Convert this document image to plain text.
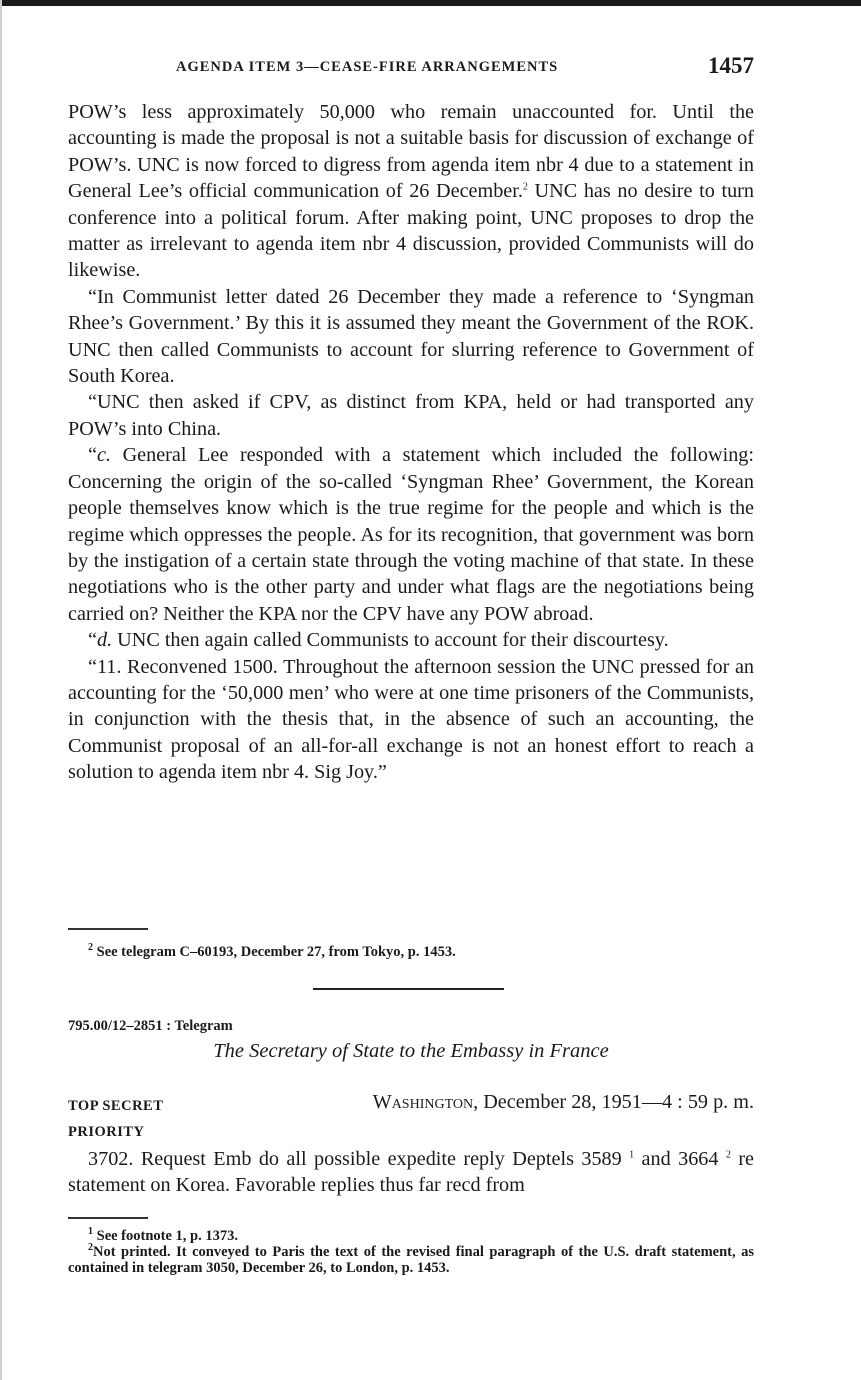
AGENDA ITEM 3—CEASE-FIRE ARRANGEMENTS	1457

POW’s less approximately 50,000 who remain unaccounted for. Until the accounting is made the proposal is not a suitable basis for discussion of exchange of POW’s. UNC is now forced to digress from agenda item nbr 4 due to a statement in General Lee’s official communication of 26 December.$^2$ UNC has no desire to turn conference into a political forum. After making point, UNC proposes to drop the matter as irrelevant to agenda item nbr 4 discussion, provided Communists will do likewise.

“In Communist letter dated 26 December they made a reference to ‘Syngman Rhee’s Government.’ By this it is assumed they meant the Government of the ROK. UNC then called Communists to account for slurring reference to Government of South Korea.

“UNC then asked if CPV, as distinct from KPA, held or had transported any POW’s into China.

“c. General Lee responded with a statement which included the following: Concerning the origin of the so-called ‘Syngman Rhee’ Government, the Korean people themselves know which is the true regime for the people and which is the regime which oppresses the people. As for its recognition, that government was born by the instigation of a certain state through the voting machine of that state. In these negotiations who is the other party and under what flags are the negotiations being carried on? Neither the KPA nor the CPV have any POW abroad.

“d. UNC then again called Communists to account for their discourtesy.

“11. Reconvened 1500. Throughout the afternoon session the UNC pressed for an accounting for the ‘50,000 men’ who were at one time prisoners of the Communists, in conjunction with the thesis that, in the absence of such an accounting, the Communist proposal of an all-for-all exchange is not an honest effort to reach a solution to agenda item nbr 4. Sig Joy.”

$^2$ See telegram C–60193, December 27, from Tokyo, p. 1453.
795.00/12–2851 : Telegram
The Secretary of State to the Embassy in France
TOP SECRET
PRIORITY
Washington, December 28, 1951—4 : 59 p. m.

3702. Request Emb do all possible expedite reply Deptels 3589 $^1$ and 3664 $^2$ re statement on Korea. Favorable replies thus far recd from

$^1$ See footnote 1, p. 1373.
$^2$Not printed. It conveyed to Paris the text of the revised final paragraph of the U.S. draft statement, as contained in telegram 3050, December 26, to London, p. 1453.
